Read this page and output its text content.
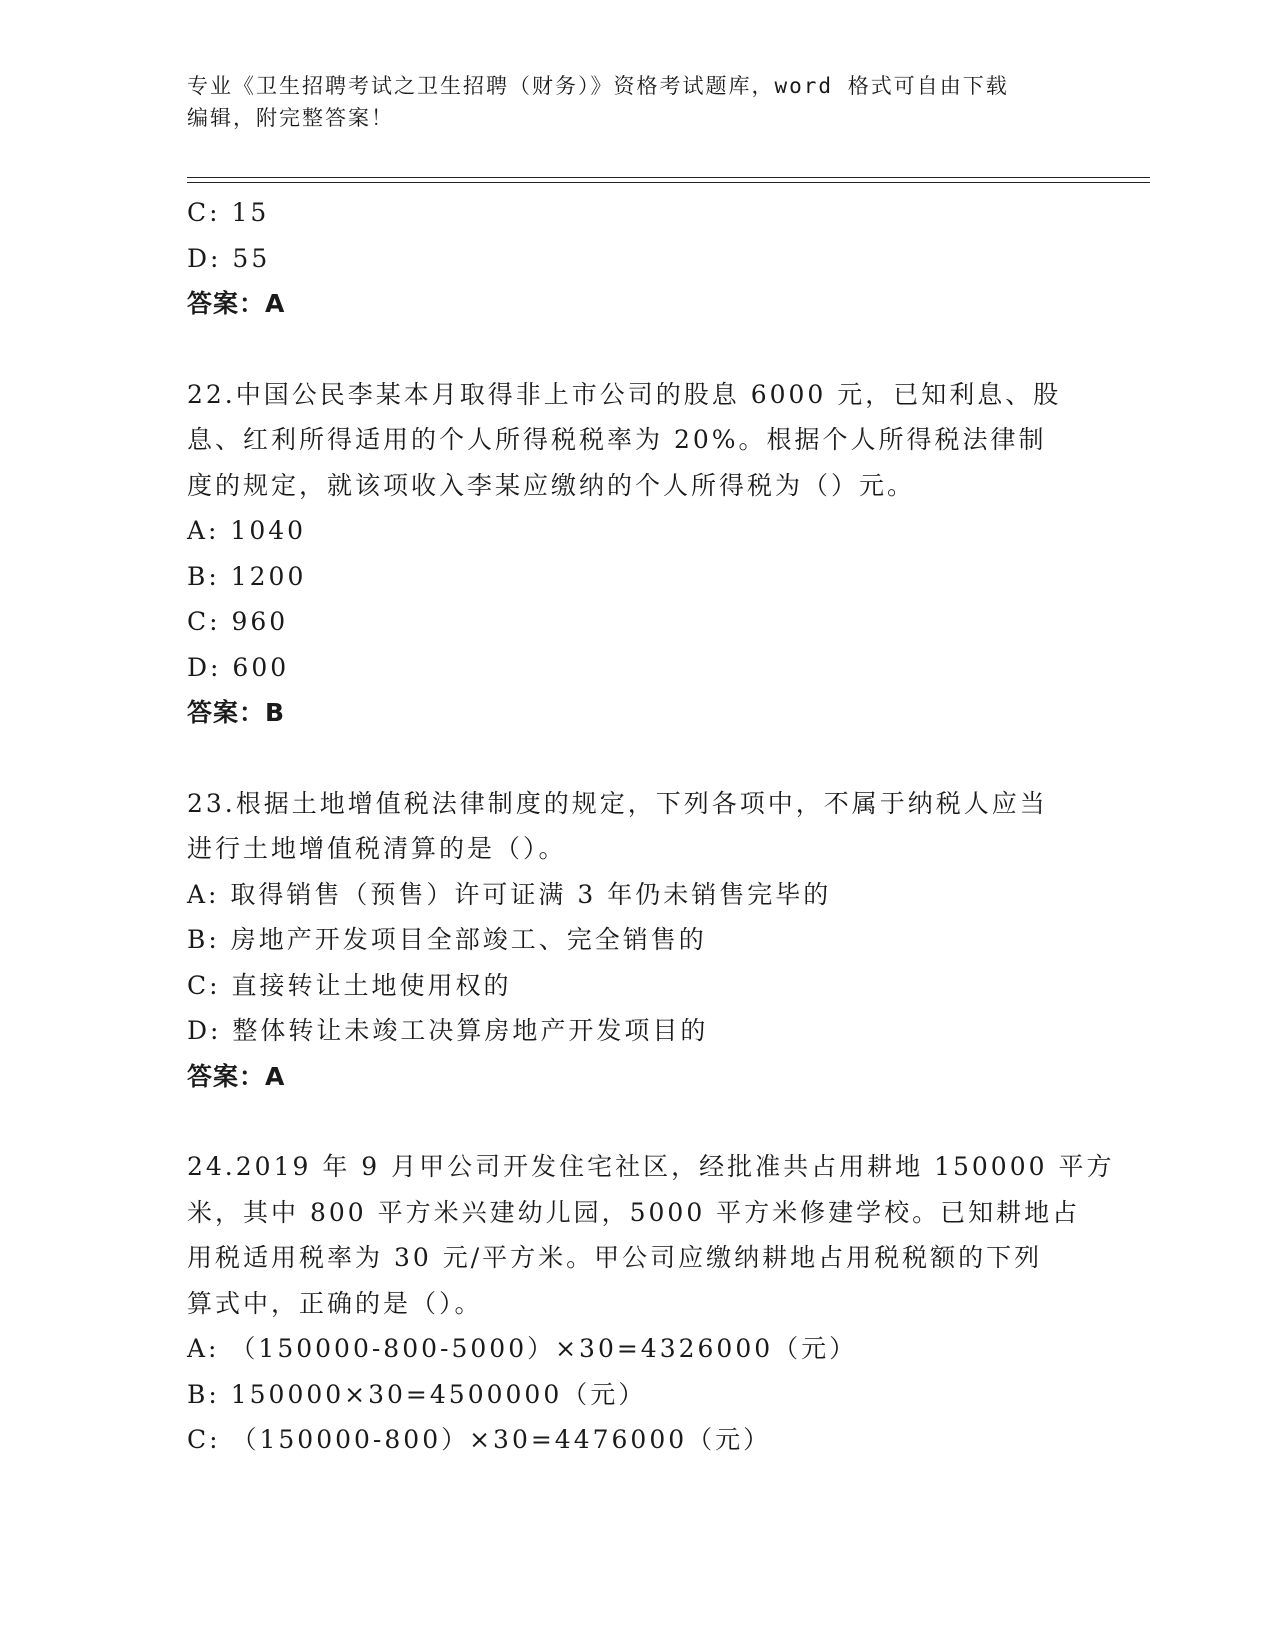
专业《卫生招聘考试之卫生招聘（财务）》资格考试题库，word 格式可自由下载
编辑，附完整答案！
C: 15
D: 55
答案：A
22.中国公民李某本月取得非上市公司的股息 6000 元，已知利息、股
息、红利所得适用的个人所得税税率为 20%。根据个人所得税法律制
度的规定，就该项收入李某应缴纳的个人所得税为（）元。
A: 1040
B: 1200
C: 960
D: 600
答案：B
23.根据土地增值税法律制度的规定，下列各项中，不属于纳税人应当
进行土地增值税清算的是（）。
A: 取得销售（预售）许可证满 3 年仍未销售完毕的
B: 房地产开发项目全部竣工、完全销售的
C: 直接转让土地使用权的
D: 整体转让未竣工决算房地产开发项目的
答案：A
24.2019 年 9 月甲公司开发住宅社区，经批准共占用耕地 150000 平方
米，其中 800 平方米兴建幼儿园，5000 平方米修建学校。已知耕地占
用税适用税率为 30 元/平方米。甲公司应缴纳耕地占用税税额的下列
算式中，正确的是（）。
A: （150000-800-5000）×30=4326000（元）
B: 150000×30=4500000（元）
C: （150000-800）×30=4476000（元）
